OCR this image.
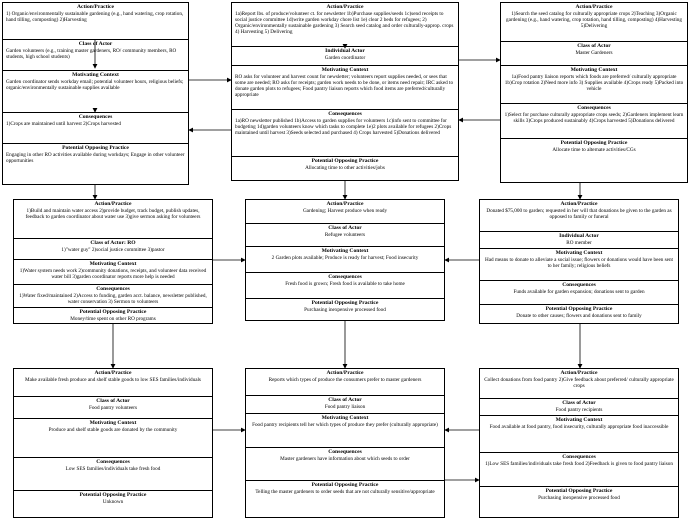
Action/Practice
1) Organic/environmentally sustainable gardening (e.g., hand watering, crop rotation, hand tilling, composting) 2)Harvesting
Class of Actor
Garden volunteers (e.g., training master gardeners, RO/ community members, RO students, high school students)
Motivating Context
Garden coordinator sends workday email; potential volunteer hours, religious beliefs; organic/environmentally sustainable supplies available
Consequences
1)Crops are maintained until harvest 2)Crops harvested
Potential Opposing Practice
Engaging in other RO activities available during workdays; Engage in other volunteer opportunities
Action/Practice
1a)Report lbs. of produce/volunteer ct. for newsletter 1b)Purchase supplies/seeds 1c)send receipts to social justice committee 1d)write garden workday chore list 1e) clear 2 beds for refugees; 2) Organic/environmentally sustainable gardening 3) Search seed catalog and order culturally-approp. crops 4) Harvesting 5) Delivering
Individual Actor
Garden coordinator
Motivating Context
RO asks for volunteer and harvest count for newsletter; volunteers report supplies needed, or sees that some are needed; RO asks for receipts; garden work needs to be done, or items need repair; IRC asked to donate garden plots to refugees; Food pantry liaison reports which food items are preferred/culturally appropriate
Consequences
1a)RO newsletter published 1b)Access to garden supplies for volunteers 1c)info sent to committee for budgeting 1d)garden volunteers know which tasks to complete 1e)2 plots available for refugees 2)Crops maintained until harvest 3)Seeds selected and purchased 4) Crops harvested 5)Donations delivered
Potential Opposing Practice
Allocating time to other activities/jobs
Action/Practice
1)Search the seed catalog for culturally appropriate crops 2)Teaching 3)Organic gardening (e.g., hand watering, crop rotation, hand tilling, composting) 4)Harvesting 5)Delivering
Class of Actor
Master Gardeners
Motivating Context
1a)Food pantry liaison reports which foods are preferred/ culturally appropriate 1b)Crop rotation 2)Need more info 3) Supplies available 4)Crops ready 5)Packed into vehicle
Consequences
1)Select for purchase culturally appropriate crops seeds; 2)Gardeners implement learn skills 3)Crops produced sustainably 4)Crops harvested 5)Donations delivered
Potential Opposing Practice
Allocate time to alternate activities/CGs
Action/Practice
1)Build and maintain water access 2)provide budget, track budget, publish updates, feedback to garden coordinator about water use 3)give sermon asking for volunteers
Class of Actor: RO
1)"water guy" 2)social justice committee 3)pastor
Motivating Context
1)Water system needs work 2)community donations, receipts, and volunteer data received water bill 3)garden coordinator reports more help is needed
Consequences
1)Water fixed/maintained 2)Access to funding, garden acct. balance, newsletter published, water conservation 3) Sermon to volunteers
Potential Opposing Practice
Money/time spent on other RO programs
Action/Practice
Gardening; Harvest produce when ready
Class of Actor
Refugee volunteers
Motivating Context
2 Garden plots available; Produce is ready for harvest; Food insecurity
Consequences
Fresh food is grown; Fresh food is available to take home
Potential Opposing Practice
Purchasing inexpensive processed food
Action/Practice
Donated $75,000 to garden; requested in her will that donations be given to the garden as opposed to family or funeral
Individual Actor
RO member
Motivating Context
Had means to donate to alleviate a social issue; flowers or donations would have been sent to her family; religious beliefs
Consequences
Funds available for garden expansion; donations sent to garden
Potential Opposing Practice
Donate to other causes; flowers and donations sent to family
Action/Practice
Make available fresh produce and shelf stable goods to low SES families/individuals
Class of Actor
Food pantry volunteers
Motivating Context
Produce and shelf stable goods are donated by the community
Consequences
Low SES families/individuals take fresh food
Potential Opposing Practice
Unknown
Action/Practice
Reports which types of produce the consumers prefer to master gardeners
Class of Actor
Food pantry liaison
Motivating Context
Food pantry recipients tell her which types of produce they prefer (culturally appropriate)
Consequences
Master gardeners have information about which seeds to order
Potential Opposing Practice
Telling the master gardeners to order seeds that are not culturally sensitive/appropriate
Action/Practice
Collect donations from food pantry 2)Give feedback about preferred/ culturally appropriate crops
Class of Actor
Food pantry recipients
Motivating Context
Food available at food pantry, food insecurity, culturally appropriate food inaccessible
Consequences
1)Low SES families/individuals take fresh food 2)Feedback is given to food pantry liaison
Potential Opposing Practice
Purchasing inexpensive processed food
